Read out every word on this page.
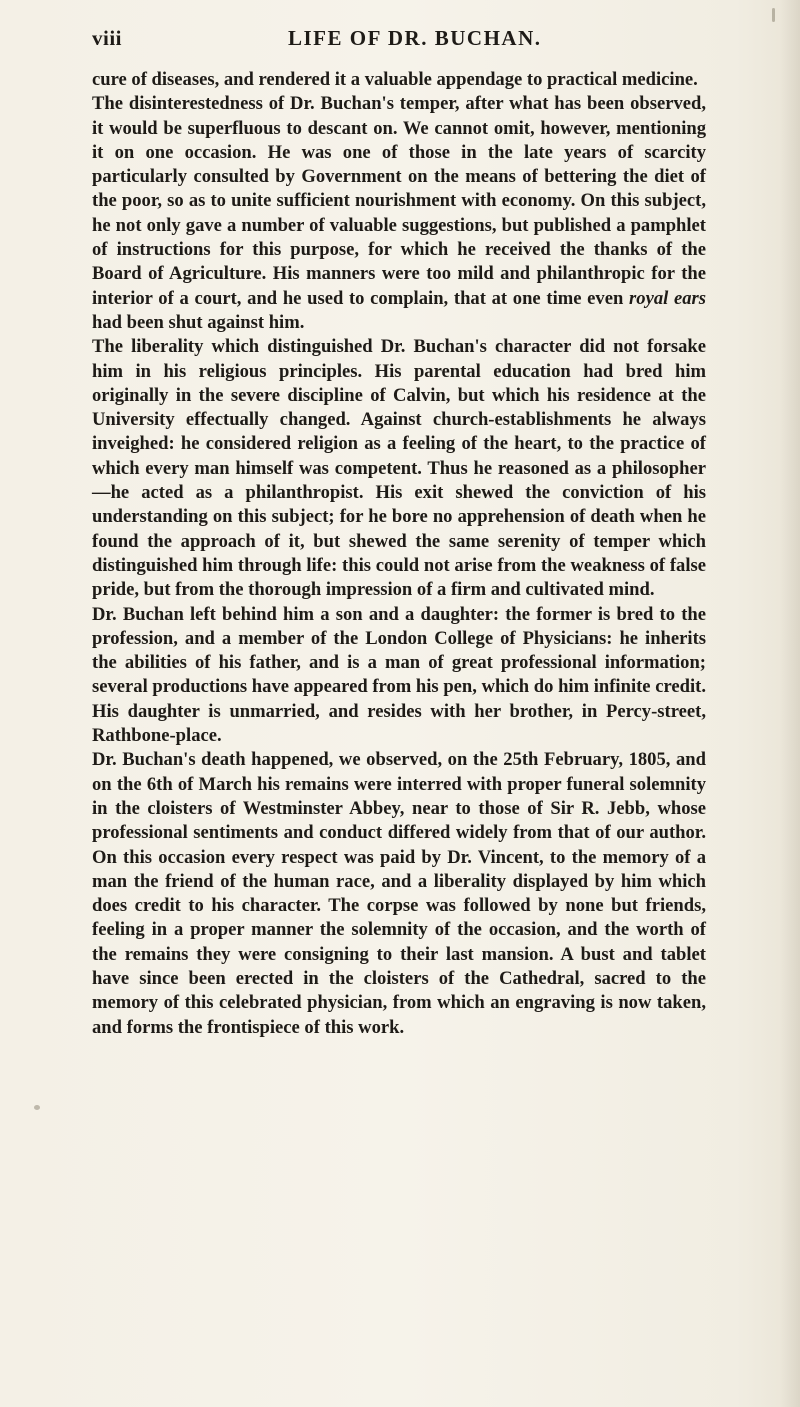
viii	LIFE OF DR. BUCHAN.

cure of diseases, and rendered it a valuable appendage to practical medicine.

The disinterestedness of Dr. Buchan's temper, after what has been observed, it would be superfluous to descant on. We cannot omit, however, mentioning it on one occasion. He was one of those in the late years of scarcity particularly consulted by Government on the means of bettering the diet of the poor, so as to unite sufficient nourishment with economy. On this subject, he not only gave a number of valuable suggestions, but published a pamphlet of instructions for this purpose, for which he received the thanks of the Board of Agriculture. His manners were too mild and philanthropic for the interior of a court, and he used to complain, that at one time even royal ears had been shut against him.

The liberality which distinguished Dr. Buchan's character did not forsake him in his religious principles. His parental education had bred him originally in the severe discipline of Calvin, but which his residence at the University effectually changed. Against church-establishments he always inveighed: he considered religion as a feeling of the heart, to the practice of which every man himself was competent. Thus he reasoned as a philosopher—he acted as a philanthropist. His exit shewed the conviction of his understanding on this subject; for he bore no apprehension of death when he found the approach of it, but shewed the same serenity of temper which distinguished him through life: this could not arise from the weakness of false pride, but from the thorough impression of a firm and cultivated mind.

Dr. Buchan left behind him a son and a daughter: the former is bred to the profession, and a member of the London College of Physicians: he inherits the abilities of his father, and is a man of great professional information; several productions have appeared from his pen, which do him infinite credit. His daughter is unmarried, and resides with her brother, in Percy-street, Rathbone-place.

Dr. Buchan's death happened, we observed, on the 25th February, 1805, and on the 6th of March his remains were interred with proper funeral solemnity in the cloisters of Westminster Abbey, near to those of Sir R. Jebb, whose professional sentiments and conduct differed widely from that of our author. On this occasion every respect was paid by Dr. Vincent, to the memory of a man the friend of the human race, and a liberality displayed by him which does credit to his character. The corpse was followed by none but friends, feeling in a proper manner the solemnity of the occasion, and the worth of the remains they were consigning to their last mansion. A bust and tablet have since been erected in the cloisters of the Cathedral, sacred to the memory of this celebrated physician, from which an engraving is now taken, and forms the frontispiece of this work.
